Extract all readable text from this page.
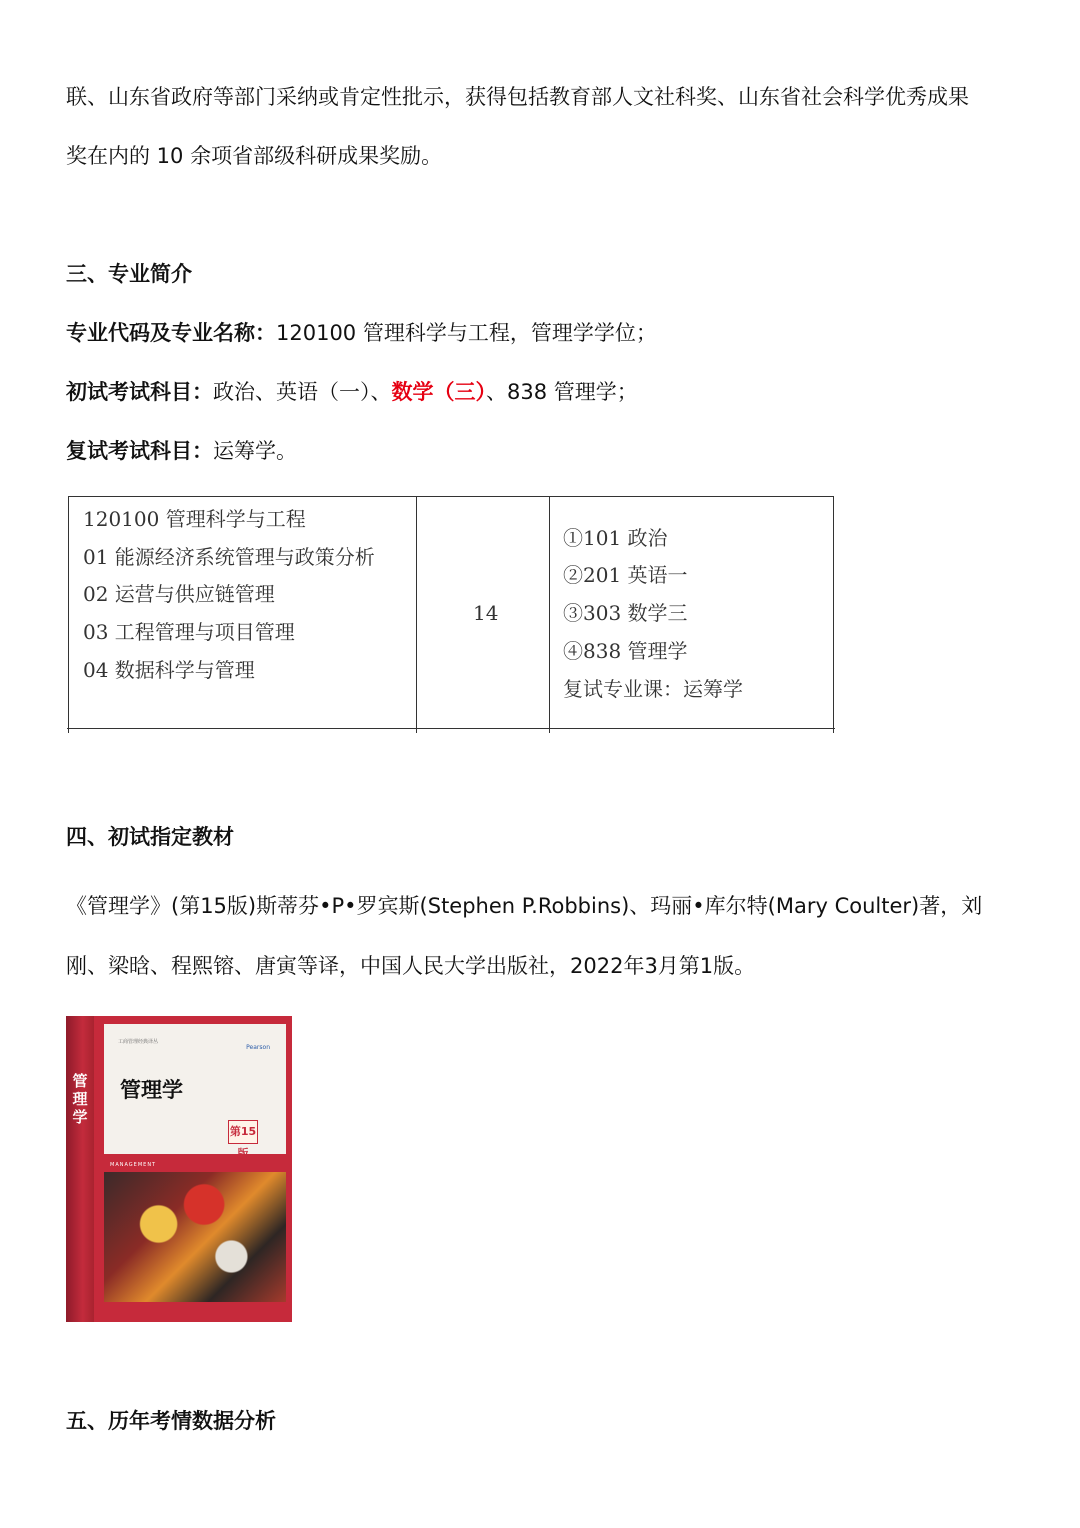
联、山东省政府等部门采纳或肯定性批示，获得包括教育部人文社科奖、山东省社会科学优秀成果
奖在内的 10 余项省部级科研成果奖励。
三、专业简介
专业代码及专业名称：120100 管理科学与工程，管理学学位；
初试考试科目：政治、英语（一）、数学（三）、838 管理学；
复试考试科目：运筹学。
120100 管理科学与工程
01 能源经济系统管理与政策分析
02 运营与供应链管理
03 工程管理与项目管理
04 数据科学与管理
14
①101 政治
②201 英语一
③303 数学三
④838 管理学
复试专业课：运筹学
四、初试指定教材
《管理学》(第15版)斯蒂芬•P•罗宾斯(Stephen P.Robbins)、玛丽•库尔特(Mary Coulter)著，刘
刚、梁晗、程熙镕、唐寅等译，中国人民大学出版社，2022年3月第1版。
管理学
工商管理经典译丛
Pearson
管理学
第15版
MANAGEMENT
五、历年考情数据分析
